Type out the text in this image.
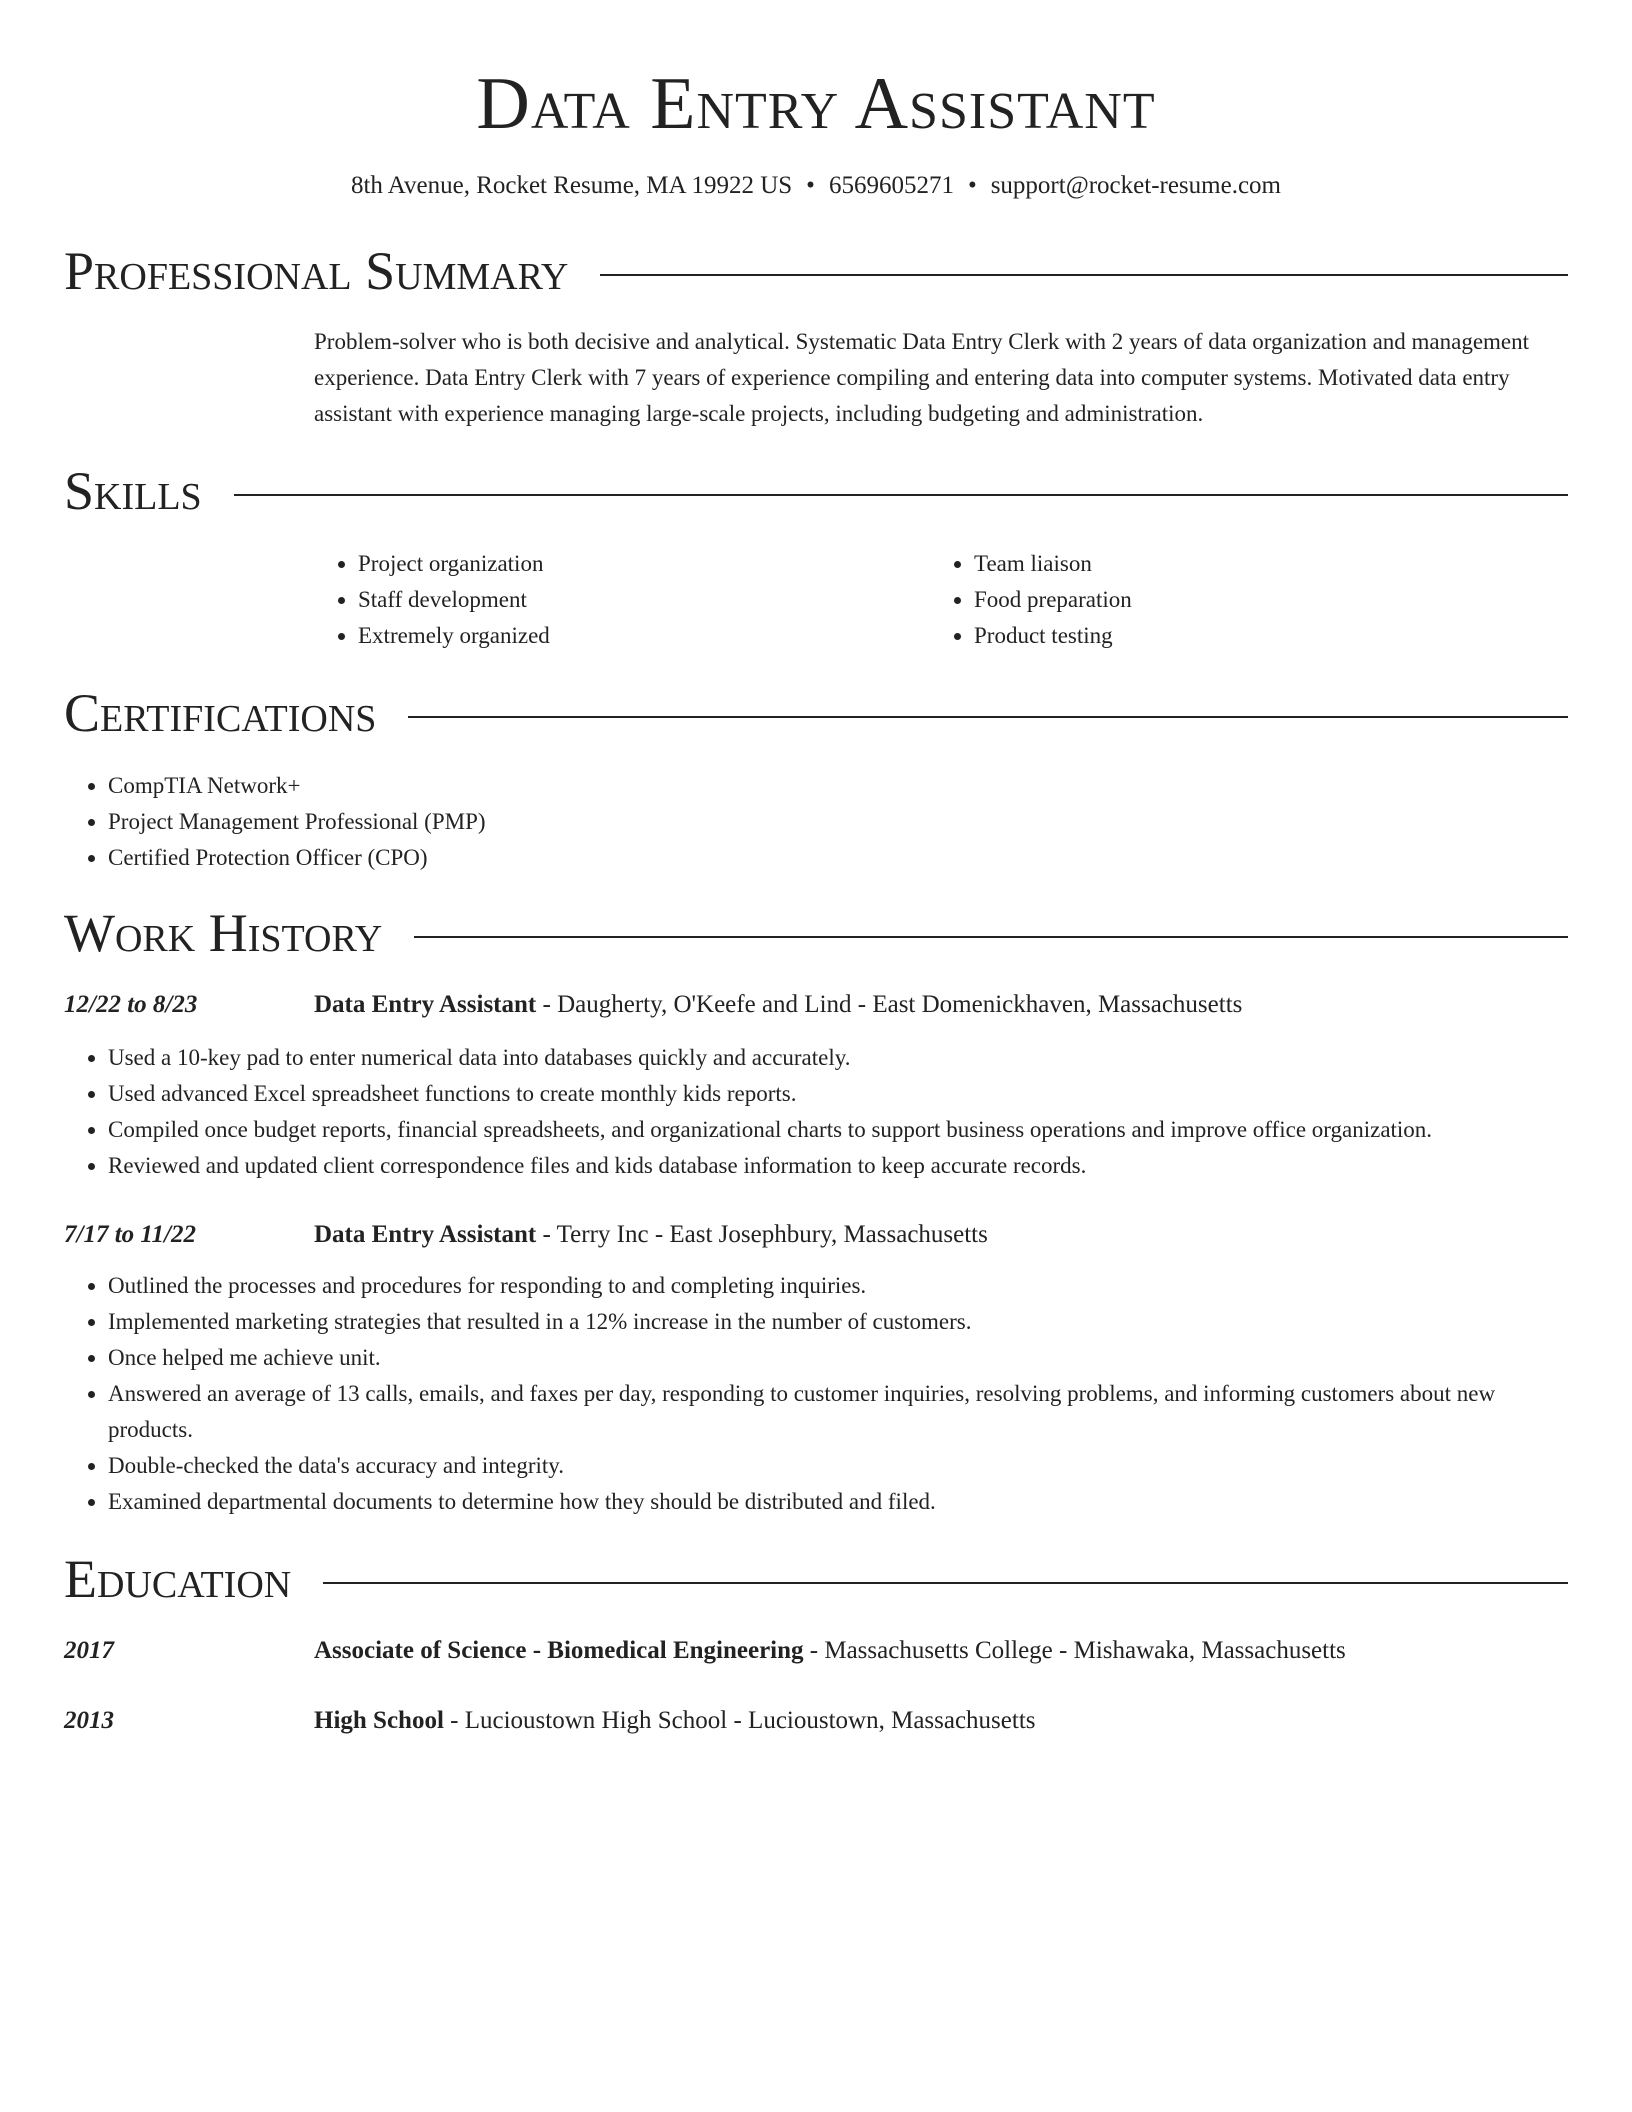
Data Entry Assistant
8th Avenue, Rocket Resume, MA 19922 US • 6569605271 • support@rocket-resume.com
Professional Summary
Problem-solver who is both decisive and analytical. Systematic Data Entry Clerk with 2 years of data organization and management experience. Data Entry Clerk with 7 years of experience compiling and entering data into computer systems. Motivated data entry assistant with experience managing large-scale projects, including budgeting and administration.
Skills
• Project organization
• Staff development
• Extremely organized
• Team liaison
• Food preparation
• Product testing
Certifications
• CompTIA Network+
• Project Management Professional (PMP)
• Certified Protection Officer (CPO)
Work History
12/22 to 8/23	Data Entry Assistant - Daugherty, O'Keefe and Lind - East Domenickhaven, Massachusetts
• Used a 10-key pad to enter numerical data into databases quickly and accurately.
• Used advanced Excel spreadsheet functions to create monthly kids reports.
• Compiled once budget reports, financial spreadsheets, and organizational charts to support business operations and improve office organization.
• Reviewed and updated client correspondence files and kids database information to keep accurate records.
7/17 to 11/22	Data Entry Assistant - Terry Inc - East Josephbury, Massachusetts
• Outlined the processes and procedures for responding to and completing inquiries.
• Implemented marketing strategies that resulted in a 12% increase in the number of customers.
• Once helped me achieve unit.
• Answered an average of 13 calls, emails, and faxes per day, responding to customer inquiries, resolving problems, and informing customers about new products.
• Double-checked the data's accuracy and integrity.
• Examined departmental documents to determine how they should be distributed and filed.
Education
2017	Associate of Science - Biomedical Engineering - Massachusetts College - Mishawaka, Massachusetts
2013	High School - Lucioustown High School - Lucioustown, Massachusetts
